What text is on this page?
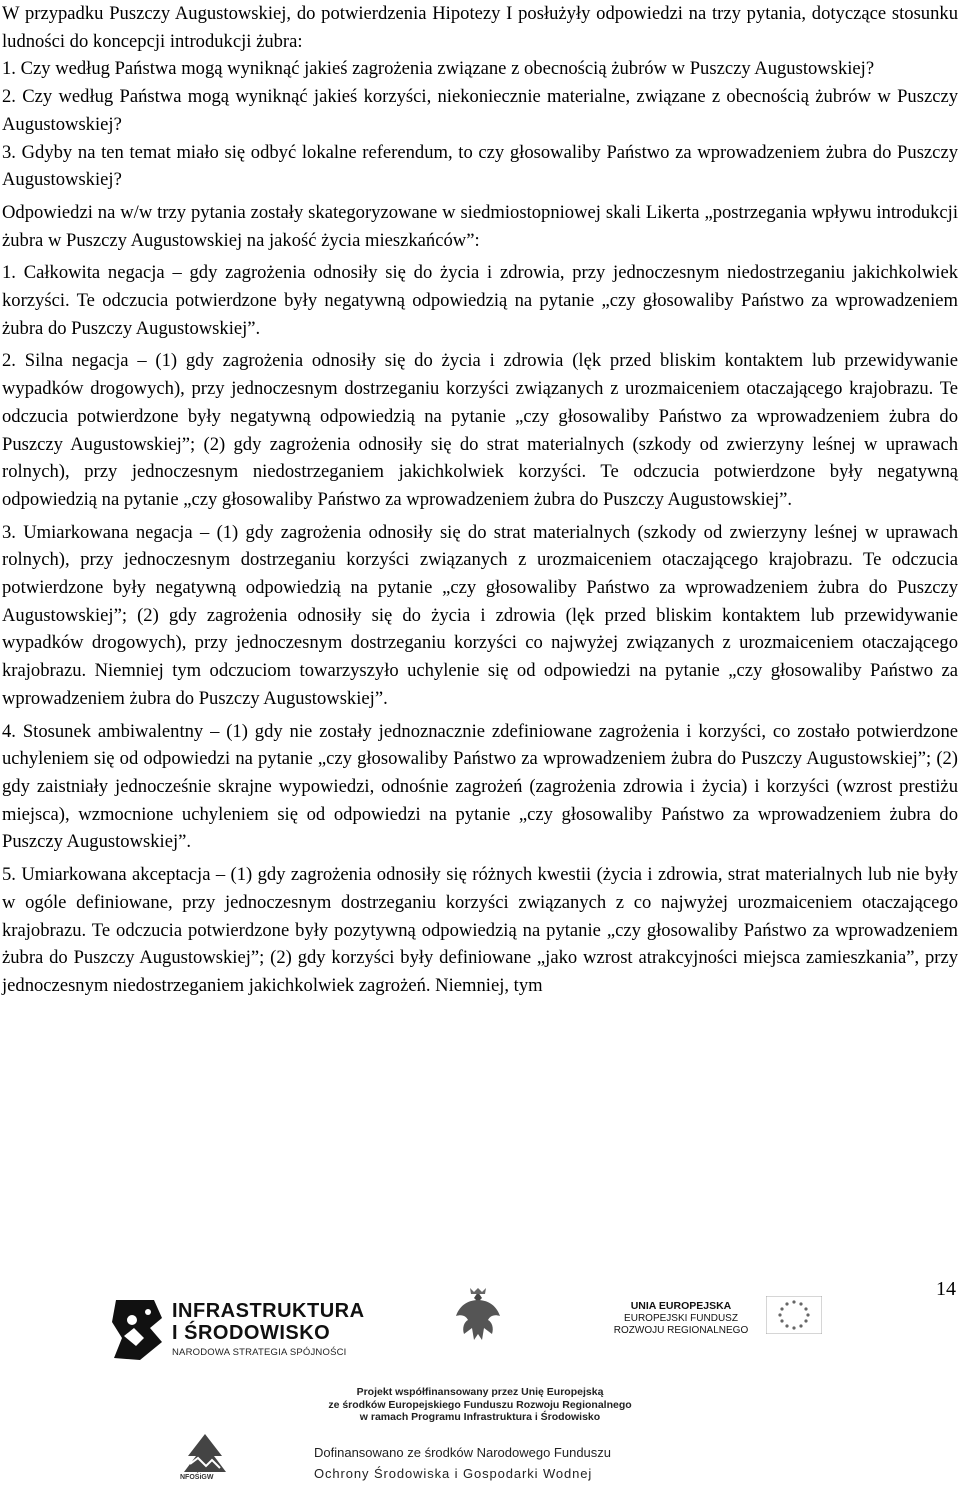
W przypadku Puszczy Augustowskiej, do potwierdzenia Hipotezy I posłużyły odpowiedzi na trzy pytania, dotyczące stosunku ludności do koncepcji introdukcji żubra:

1. Czy według Państwa mogą wyniknąć jakieś zagrożenia związane z obecnością żubrów w Puszczy Augustowskiej?

2. Czy według Państwa mogą wyniknąć jakieś korzyści, niekoniecznie materialne, związane z obecnością żubrów w Puszczy Augustowskiej?

3. Gdyby na ten temat miało się odbyć lokalne referendum, to czy głosowaliby Państwo za wprowadzeniem żubra do Puszczy Augustowskiej?

Odpowiedzi na w/w trzy pytania zostały skategoryzowane w siedmiostopniowej skali Likerta „postrzegania wpływu introdukcji żubra w Puszczy Augustowskiej na jakość życia mieszkańców”:

1. Całkowita negacja – gdy zagrożenia odnosiły się do życia i zdrowia, przy jednoczesnym niedostrzeganiu jakichkolwiek korzyści. Te odczucia potwierdzone były negatywną odpowiedzią na pytanie „czy głosowaliby Państwo za wprowadzeniem żubra do Puszczy Augustowskiej”.

2. Silna negacja – (1) gdy zagrożenia odnosiły się do życia i zdrowia (lęk przed bliskim kontaktem lub przewidywanie wypadków drogowych), przy jednoczesnym dostrzeganiu korzyści związanych z urozmaiceniem otaczającego krajobrazu. Te odczucia potwierdzone były negatywną odpowiedzią na pytanie „czy głosowaliby Państwo za wprowadzeniem żubra do Puszczy Augustowskiej”; (2) gdy zagrożenia odnosiły się do strat materialnych (szkody od zwierzyny leśnej w uprawach rolnych), przy jednoczesnym niedostrzeganiem jakichkolwiek korzyści. Te odczucia potwierdzone były negatywną odpowiedzią na pytanie „czy głosowaliby Państwo za wprowadzeniem żubra do Puszczy Augustowskiej”.

3. Umiarkowana negacja – (1) gdy zagrożenia odnosiły się do strat materialnych (szkody od zwierzyny leśnej w uprawach rolnych), przy jednoczesnym dostrzeganiu korzyści związanych z urozmaiceniem otaczającego krajobrazu. Te odczucia potwierdzone były negatywną odpowiedzią na pytanie „czy głosowaliby Państwo za wprowadzeniem żubra do Puszczy Augustowskiej”; (2) gdy zagrożenia odnosiły się do życia i zdrowia (lęk przed bliskim kontaktem lub przewidywanie wypadków drogowych), przy jednoczesnym dostrzeganiu korzyści co najwyżej związanych z urozmaiceniem otaczającego krajobrazu. Niemniej tym odczuciom towarzyszyło uchylenie się od odpowiedzi na pytanie „czy głosowaliby Państwo za wprowadzeniem żubra do Puszczy Augustowskiej”.

4. Stosunek ambiwalentny – (1) gdy nie zostały jednoznacznie zdefiniowane zagrożenia i korzyści, co zostało potwierdzone uchyleniem się od odpowiedzi na pytanie „czy głosowaliby Państwo za wprowadzeniem żubra do Puszczy Augustowskiej”; (2) gdy zaistniały jednocześnie skrajne wypowiedzi, odnośnie zagrożeń (zagrożenia zdrowia i życia) i korzyści (wzrost prestiżu miejsca), wzmocnione uchyleniem się od odpowiedzi na pytanie „czy głosowaliby Państwo za wprowadzeniem żubra do Puszczy Augustowskiej”.

5. Umiarkowana akceptacja – (1) gdy zagrożenia odnosiły się różnych kwestii (życia i zdrowia, strat materialnych lub nie były w ogóle definiowane, przy jednoczesnym dostrzeganiu korzyści związanych z co najwyżej urozmaiceniem otaczającego krajobrazu. Te odczucia potwierdzone były pozytywną odpowiedzią na pytanie „czy głosowaliby Państwo za wprowadzeniem żubra do Puszczy Augustowskiej”; (2) gdy korzyści były definiowane „jako wzrost atrakcyjności miejsca zamieszkania”, przy jednoczesnym niedostrzeganiem jakichkolwiek zagrożeń. Niemniej, tym

14
INFRASTRUKTURA
I ŚRODOWISKO
NARODOWA STRATEGIA SPÓJNOŚCI
UNIA EUROPEJSKA
EUROPEJSKI FUNDUSZ
ROZWOJU REGIONALNEGO
Projekt współfinansowany przez Unię Europejską
ze środków Europejskiego Funduszu Rozwoju Regionalnego
w ramach Programu Infrastruktura i Środowisko
NFOŚiGW
Dofinansowano ze środków Narodowego Funduszu
Ochrony Środowiska i Gospodarki Wodnej
